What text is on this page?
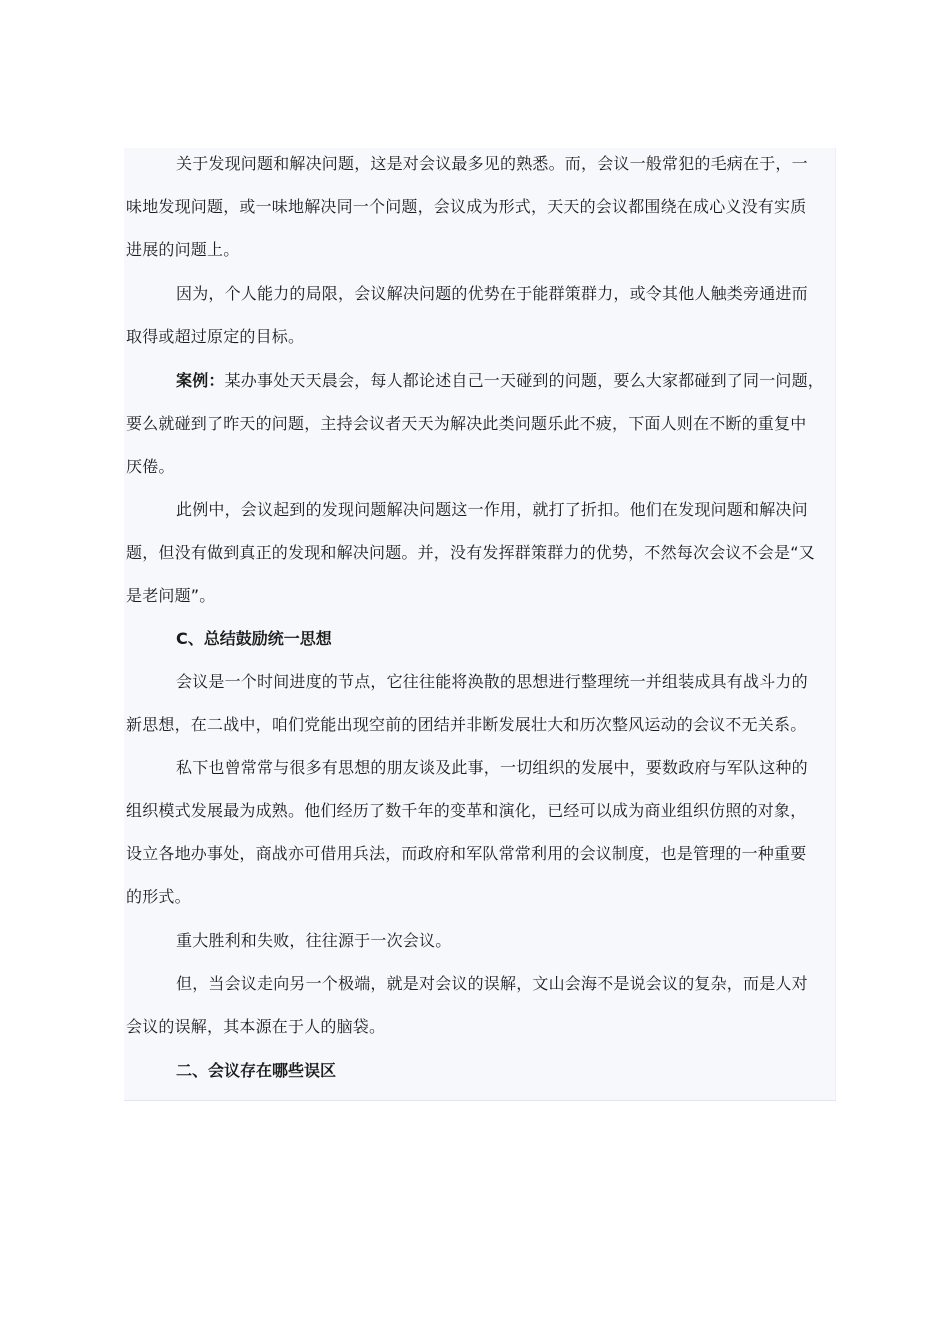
关于发现问题和解决问题，这是对会议最多见的熟悉。而，会议一般常犯的毛病在于，一
味地发现问题，或一味地解决同一个问题，会议成为形式，天天的会议都围绕在成心义没有实质
进展的问题上。

因为，个人能力的局限，会议解决问题的优势在于能群策群力，或令其他人触类旁通进而
取得或超过原定的目标。

案例：某办事处天天晨会，每人都论述自己一天碰到的问题，要么大家都碰到了同一问题，
要么就碰到了昨天的问题，主持会议者天天为解决此类问题乐此不疲，下面人则在不断的重复中
厌倦。

此例中，会议起到的发现问题解决问题这一作用，就打了折扣。他们在发现问题和解决问
题，但没有做到真正的发现和解决问题。并，没有发挥群策群力的优势，不然每次会议不会是“又
是老问题”。

C、总结鼓励统一思想

会议是一个时间进度的节点，它往往能将涣散的思想进行整理统一并组装成具有战斗力的
新思想，在二战中，咱们党能出现空前的团结并非断发展壮大和历次整风运动的会议不无关系。

私下也曾常常与很多有思想的朋友谈及此事，一切组织的发展中，要数政府与军队这种的
组织模式发展最为成熟。他们经历了数千年的变革和演化，已经可以成为商业组织仿照的对象，
设立各地办事处，商战亦可借用兵法，而政府和军队常常利用的会议制度，也是管理的一种重要
的形式。

重大胜利和失败，往往源于一次会议。

但，当会议走向另一个极端，就是对会议的误解，文山会海不是说会议的复杂，而是人对
会议的误解，其本源在于人的脑袋。

二、会议存在哪些误区
